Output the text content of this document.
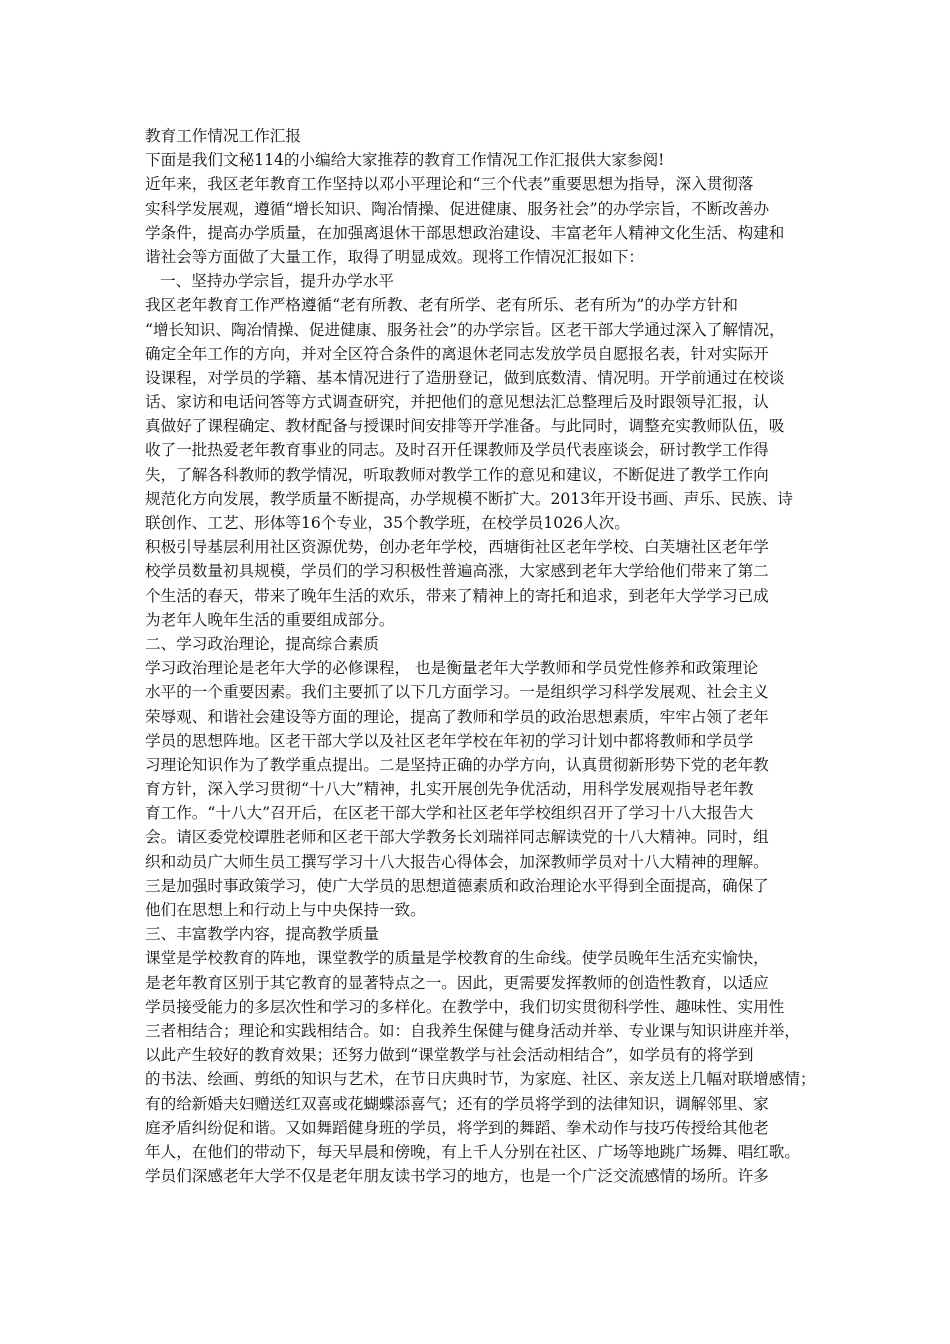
教育工作情况工作汇报
下面是我们文秘114的小编给大家推荐的教育工作情况工作汇报供大家参阅!
近年来，我区老年教育工作坚持以邓小平理论和“三个代表”重要思想为指导，深入贯彻落
实科学发展观，遵循“增长知识、陶冶情操、促进健康、服务社会”的办学宗旨，不断改善办
学条件，提高办学质量，在加强离退休干部思想政治建设、丰富老年人精神文化生活、构建和
谐社会等方面做了大量工作，取得了明显成效。现将工作情况汇报如下：
一、坚持办学宗旨，提升办学水平
我区老年教育工作严格遵循“老有所教、老有所学、老有所乐、老有所为”的办学方针和
“增长知识、陶冶情操、促进健康、服务社会”的办学宗旨。区老干部大学通过深入了解情况，
确定全年工作的方向，并对全区符合条件的离退休老同志发放学员自愿报名表，针对实际开
设课程，对学员的学籍、基本情况进行了造册登记，做到底数清、情况明。开学前通过在校谈
话、家访和电话问答等方式调查研究，并把他们的意见想法汇总整理后及时跟领导汇报，认
真做好了课程确定、教材配备与授课时间安排等开学准备。与此同时，调整充实教师队伍，吸
收了一批热爱老年教育事业的同志。及时召开任课教师及学员代表座谈会，研讨教学工作得
失，了解各科教师的教学情况，听取教师对教学工作的意见和建议，不断促进了教学工作向
规范化方向发展，教学质量不断提高，办学规模不断扩大。2013年开设书画、声乐、民族、诗
联创作、工艺、形体等16个专业，35个教学班，在校学员1026人次。
积极引导基层利用社区资源优势，创办老年学校，西塘街社区老年学校、白芙塘社区老年学
校学员数量初具规模，学员们的学习积极性普遍高涨，大家感到老年大学给他们带来了第二
个生活的春天，带来了晚年生活的欢乐，带来了精神上的寄托和追求，到老年大学学习已成
为老年人晚年生活的重要组成部分。
二、学习政治理论，提高综合素质
学习政治理论是老年大学的必修课程， 也是衡量老年大学教师和学员党性修养和政策理论
水平的一个重要因素。我们主要抓了以下几方面学习。一是组织学习科学发展观、社会主义
荣辱观、和谐社会建设等方面的理论，提高了教师和学员的政治思想素质，牢牢占领了老年
学员的思想阵地。区老干部大学以及社区老年学校在年初的学习计划中都将教师和学员学
习理论知识作为了教学重点提出。二是坚持正确的办学方向，认真贯彻新形势下党的老年教
育方针，深入学习贯彻“十八大”精神，扎实开展创先争优活动，用科学发展观指导老年教
育工作。“十八大”召开后，在区老干部大学和社区老年学校组织召开了学习十八大报告大
会。请区委党校谭胜老师和区老干部大学教务长刘瑞祥同志解读党的十八大精神。同时，组
织和动员广大师生员工撰写学习十八大报告心得体会，加深教师学员对十八大精神的理解。
三是加强时事政策学习，使广大学员的思想道德素质和政治理论水平得到全面提高，确保了
他们在思想上和行动上与中央保持一致。
三、丰富教学内容，提高教学质量
课堂是学校教育的阵地，课堂教学的质量是学校教育的生命线。使学员晚年生活充实愉快，
是老年教育区别于其它教育的显著特点之一。因此，更需要发挥教师的创造性教育，以适应
学员接受能力的多层次性和学习的多样化。在教学中，我们切实贯彻科学性、趣味性、实用性
三者相结合；理论和实践相结合。如：自我养生保健与健身活动并举、专业课与知识讲座并举，
以此产生较好的教育效果；还努力做到“课堂教学与社会活动相结合”，如学员有的将学到
的书法、绘画、剪纸的知识与艺术，在节日庆典时节，为家庭、社区、亲友送上几幅对联增感情；
有的给新婚夫妇赠送红双喜或花蝴蝶添喜气；还有的学员将学到的法律知识，调解邻里、家
庭矛盾纠纷促和谐。又如舞蹈健身班的学员，将学到的舞蹈、拳术动作与技巧传授给其他老
年人，在他们的带动下，每天早晨和傍晚，有上千人分别在社区、广场等地跳广场舞、唱红歌。
学员们深感老年大学不仅是老年朋友读书学习的地方，也是一个广泛交流感情的场所。许多
